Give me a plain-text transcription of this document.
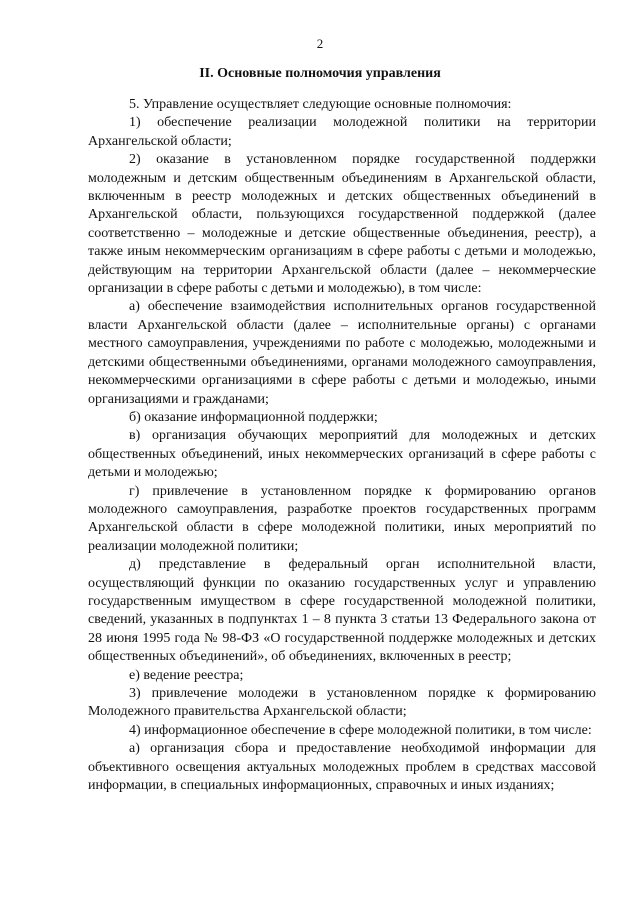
2
II. Основные полномочия управления

5. Управление осуществляет следующие основные полномочия:

1) обеспечение реализации молодежной политики на территории Архангельской области;

2) оказание в установленном порядке государственной поддержки молодежным и детским общественным объединениям в Архангельской области, включенным в реестр молодежных и детских общественных объединений в Архангельской области, пользующихся государственной поддержкой (далее соответственно – молодежные и детские общественные объединения, реестр), а также иным некоммерческим организациям в сфере работы с детьми и молодежью, действующим на территории Архангельской области (далее – некоммерческие организации в сфере работы с детьми и молодежью), в том числе:

а) обеспечение взаимодействия исполнительных органов государственной власти Архангельской области (далее – исполнительные органы) с органами местного самоуправления, учреждениями по работе с молодежью, молодежными и детскими общественными объединениями, органами молодежного самоуправления, некоммерческими организациями в сфере работы с детьми и молодежью, иными организациями и гражданами;

б) оказание информационной поддержки;

в) организация обучающих мероприятий для молодежных и детских общественных объединений, иных некоммерческих организаций в сфере работы с детьми и молодежью;

г) привлечение в установленном порядке к формированию органов молодежного самоуправления, разработке проектов государственных программ Архангельской области в сфере молодежной политики, иных мероприятий по реализации молодежной политики;

д) представление в федеральный орган исполнительной власти, осуществляющий функции по оказанию государственных услуг и управлению государственным имуществом в сфере государственной молодежной политики, сведений, указанных в подпунктах 1 – 8 пункта 3 статьи 13 Федерального закона от 28 июня 1995 года № 98-ФЗ «О государственной поддержке молодежных и детских общественных объединений», об объединениях, включенных в реестр;

е) ведение реестра;

3) привлечение молодежи в установленном порядке к формированию Молодежного правительства Архангельской области;

4) информационное обеспечение в сфере молодежной политики, в том числе:

а) организация сбора и предоставление необходимой информации для объективного освещения актуальных молодежных проблем в средствах массовой информации, в специальных информационных, справочных и иных изданиях;
